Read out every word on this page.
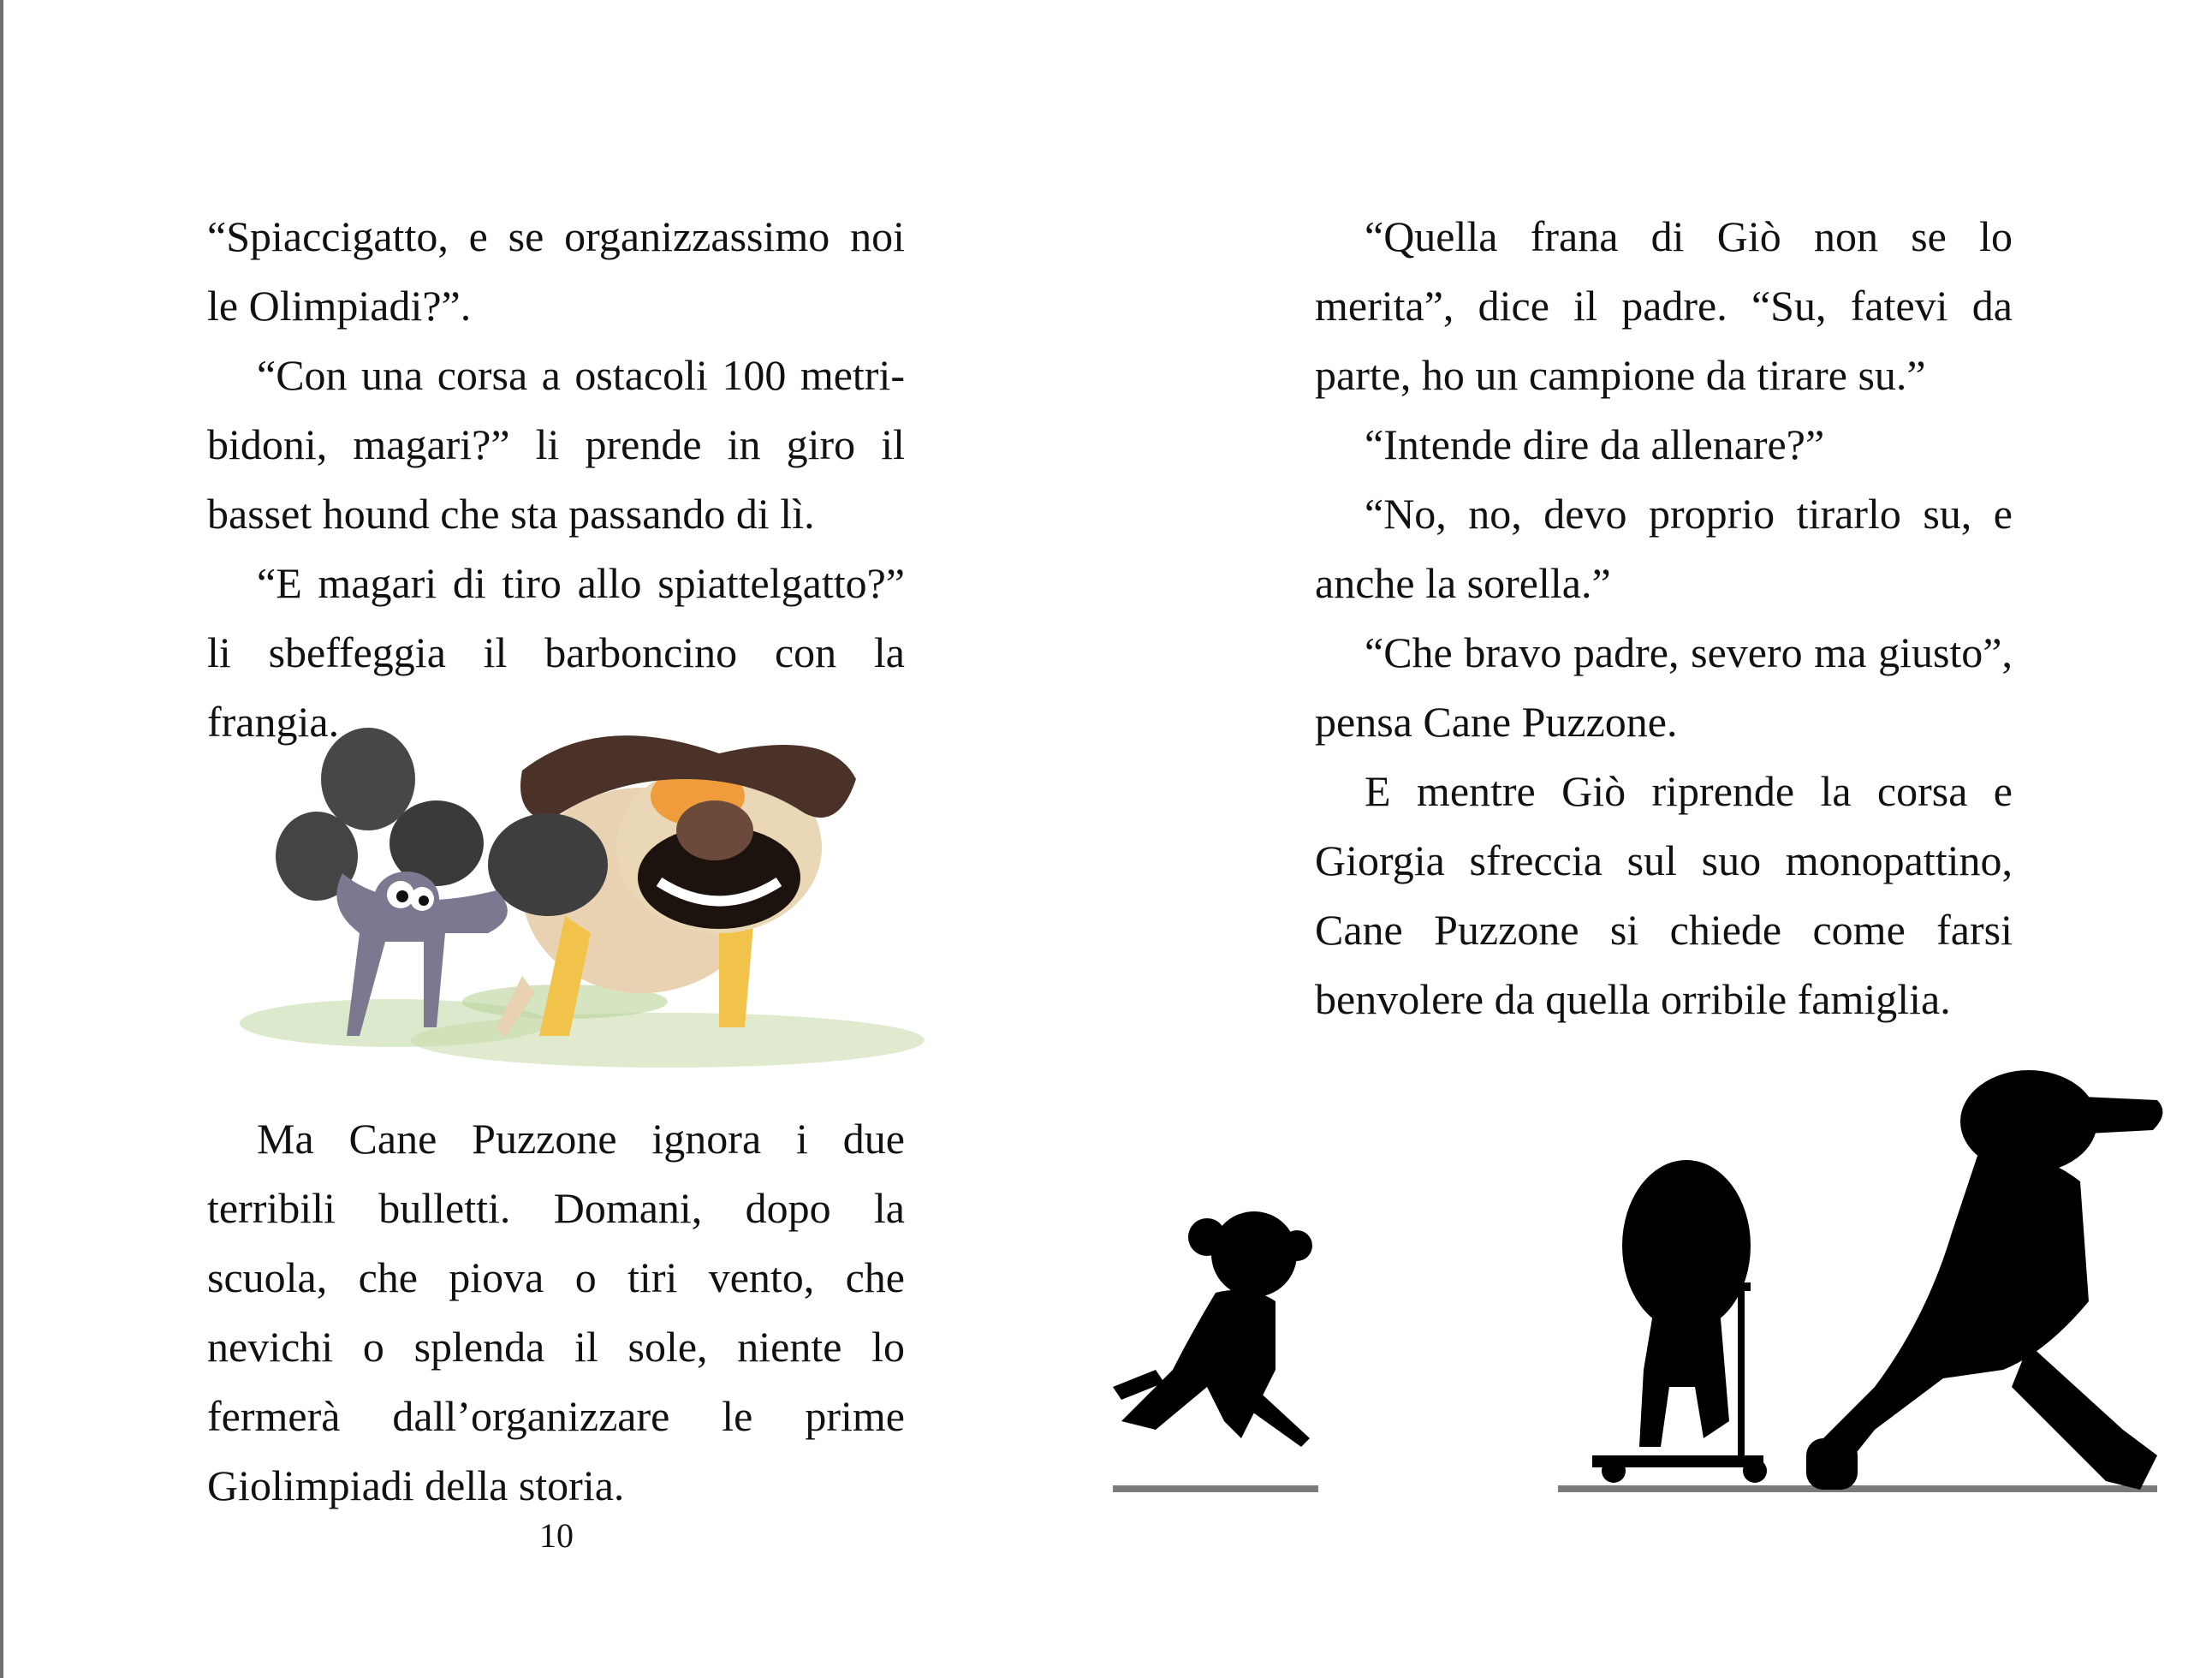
“Spiaccigatto, e se organizzassimo noi le Olimpiadi?”.

“Con una corsa a ostacoli 100 metri-bidoni, magari?” li prende in giro il basset hound che sta passando di lì.

“E magari di tiro allo spiattelgatto?” li sbeffeggia il barboncino con la frangia.

Ma Cane Puzzone ignora i due terribili bulletti. Domani, dopo la scuola, che piova o tiri vento, che nevichi o splenda il sole, niente lo fermerà dall’organizzare le prime Giolimpiadi della storia.

10

“Quella frana di Giò non se lo merita”, dice il padre. “Su, fatevi da parte, ho un campione da tirare su.”

“Intende dire da allenare?”

“No, no, devo proprio tirarlo su, e anche la sorella.”

“Che bravo padre, severo ma giusto”, pensa Cane Puzzone.

E mentre Giò riprende la corsa e Giorgia sfreccia sul suo monopattino, Cane Puzzone si chiede come farsi benvolere da quella orribile famiglia.
